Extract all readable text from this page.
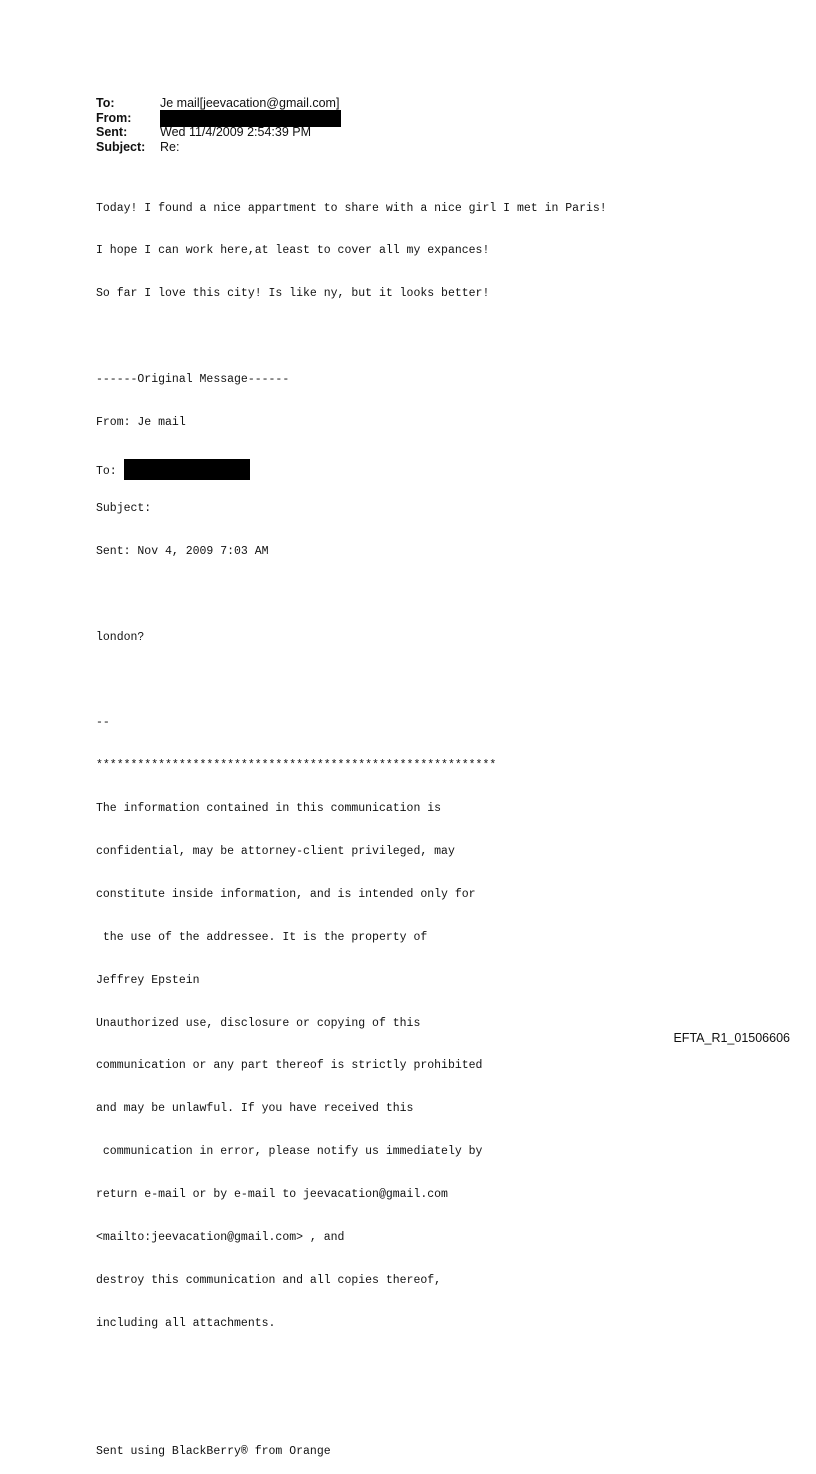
To:	Je mail[jeevacation@gmail.com]
From:
Sent:	Wed 11/4/2009 2:54:39 PM
Subject:	Re:

Today! I found a nice appartment to share with a nice girl I met in Paris!

I hope I can work here,at least to cover all my expances!

So far I love this city! Is like ny, but it looks better!

------Original Message------

From: Je mail

To:

Subject:

Sent: Nov 4, 2009 7:03 AM

london?

--

**********************************************************

The information contained in this communication is

confidential, may be attorney-client privileged, may

constitute inside information, and is intended only for

the use of the addressee. It is the property of

Jeffrey Epstein

Unauthorized use, disclosure or copying of this

communication or any part thereof is strictly prohibited

and may be unlawful. If you have received this

communication in error, please notify us immediately by

return e-mail or by e-mail to jeevacation@gmail.com

<mailto:jeevacation@gmail.com> , and

destroy this communication and all copies thereof,

including all attachments.

Sent using BlackBerry® from Orange

EFTA_R1_01506606
